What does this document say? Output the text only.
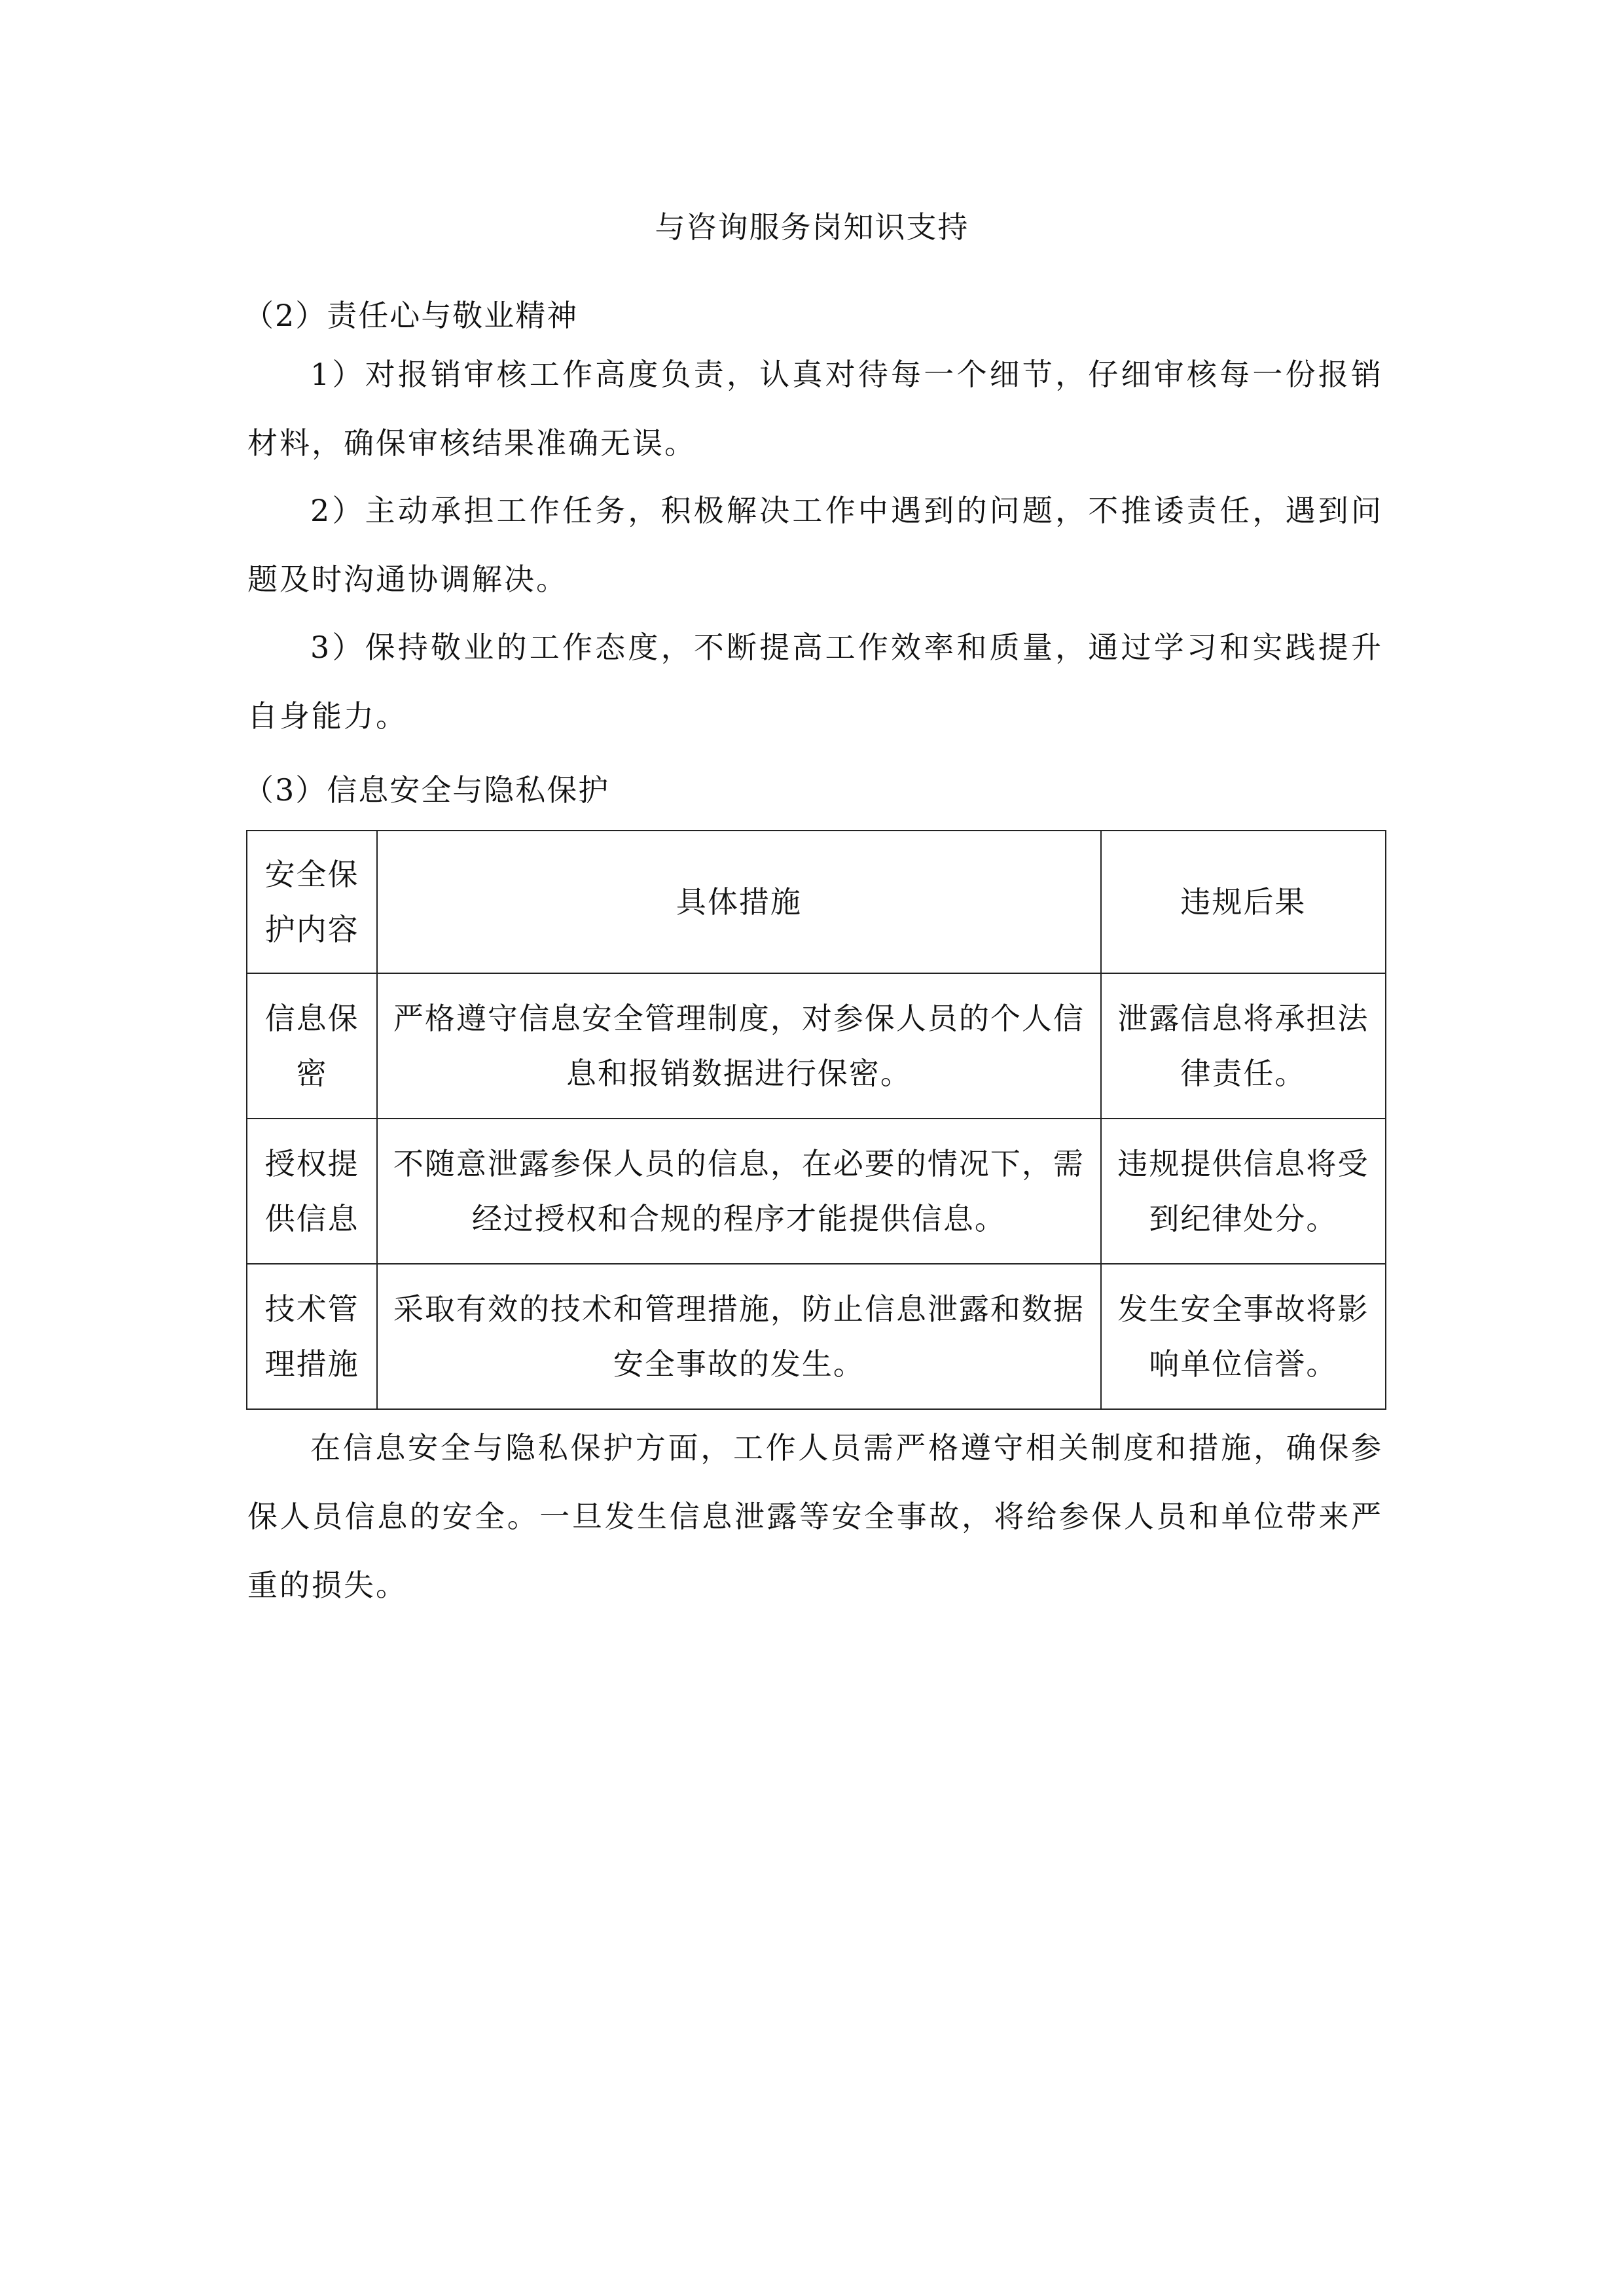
与咨询服务岗知识支持
（2）责任心与敬业精神

1）对报销审核工作高度负责，认真对待每一个细节，仔细审核每一份报销材料，确保审核结果准确无误。

2）主动承担工作任务，积极解决工作中遇到的问题，不推诿责任，遇到问题及时沟通协调解决。

3）保持敬业的工作态度，不断提高工作效率和质量，通过学习和实践提升自身能力。

（3）信息安全与隐私保护
安全保护内容	具体措施	违规后果
信息保密	严格遵守信息安全管理制度，对参保人员的个人信息和报销数据进行保密。	泄露信息将承担法律责任。
授权提供信息	不随意泄露参保人员的信息，在必要的情况下，需经过授权和合规的程序才能提供信息。	违规提供信息将受到纪律处分。
技术管理措施	采取有效的技术和管理措施，防止信息泄露和数据安全事故的发生。	发生安全事故将影响单位信誉。

在信息安全与隐私保护方面，工作人员需严格遵守相关制度和措施，确保参保人员信息的安全。一旦发生信息泄露等安全事故，将给参保人员和单位带来严重的损失。
